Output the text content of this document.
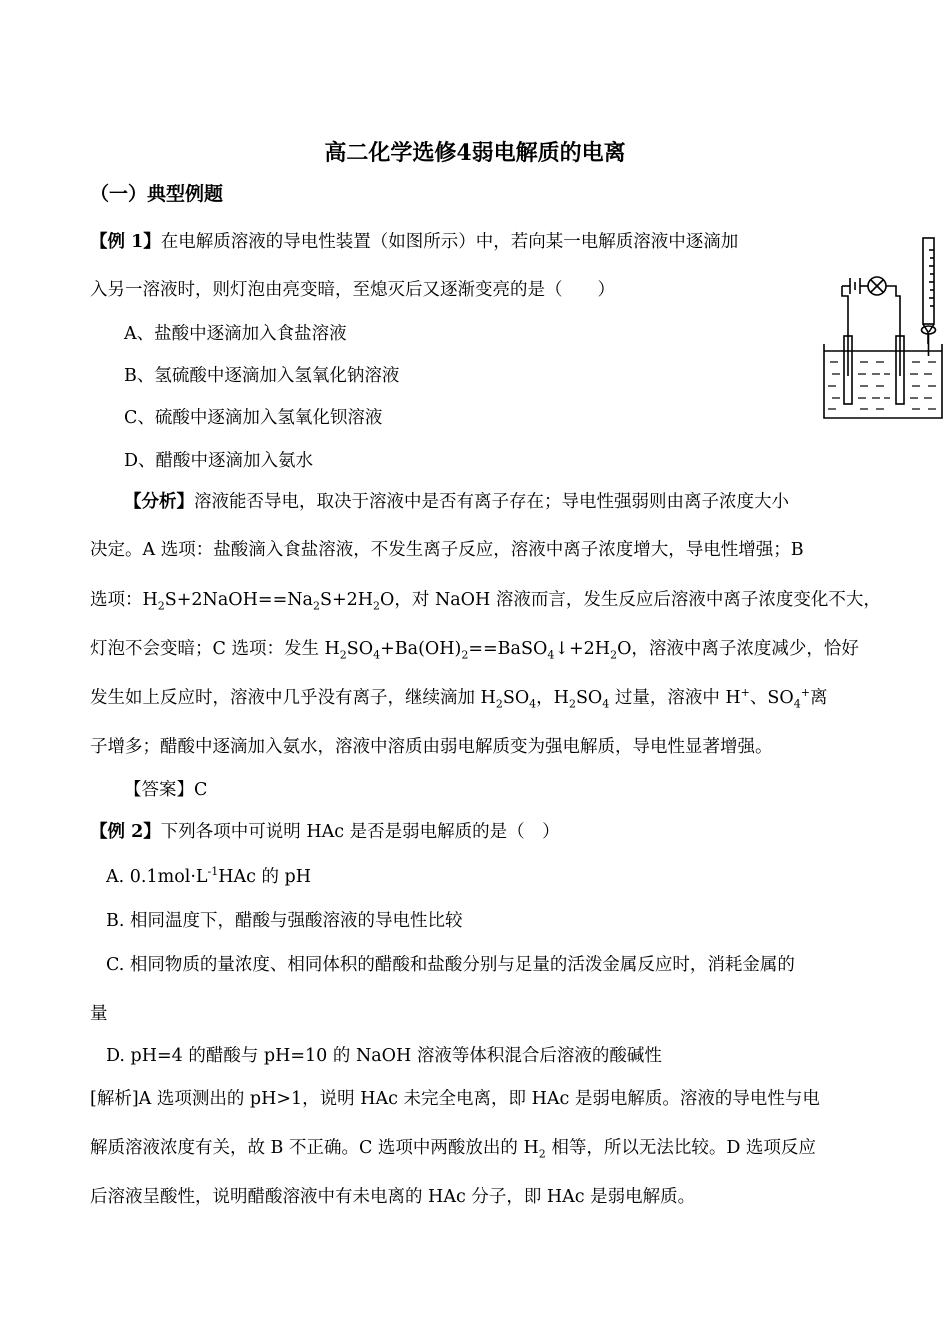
高二化学选修4弱电解质的电离
（一）典型例题
【例 1】在电解质溶液的导电性装置（如图所示）中，若向某一电解质溶液中逐滴加
入另一溶液时，则灯泡由亮变暗，至熄灭后又逐渐变亮的是（　　）
A、盐酸中逐滴加入食盐溶液
B、氢硫酸中逐滴加入氢氧化钠溶液
C、硫酸中逐滴加入氢氧化钡溶液
D、醋酸中逐滴加入氨水
【分析】溶液能否导电，取决于溶液中是否有离子存在；导电性强弱则由离子浓度大小
决定。A 选项：盐酸滴入食盐溶液，不发生离子反应，溶液中离子浓度增大，导电性增强；B
选项：$H_2S+2NaOH==Na_2S+2H_2O$，对 NaOH 溶液而言，发生反应后溶液中离子浓度变化不大，
灯泡不会变暗；C 选项：发生 $H_2SO_4+Ba(OH)_2==BaSO_4↓+2H_2O$，溶液中离子浓度减少，恰好
发生如上反应时，溶液中几乎没有离子，继续滴加 $H_2SO_4$，$H_2SO_4$ 过量，溶液中 H+、$SO_4^+$离
子增多；醋酸中逐滴加入氨水，溶液中溶质由弱电解质变为强电解质，导电性显著增强。
【答案】C
【例 2】下列各项中可说明 HAc 是否是弱电解质的是（　）
A. $0.1mol\cdot L^{-1}HAc$ 的 pH
B. 相同温度下，醋酸与强酸溶液的导电性比较
C. 相同物质的量浓度、相同体积的醋酸和盐酸分别与足量的活泼金属反应时，消耗金属的
量
D. pH=4 的醋酸与 pH=10 的 NaOH 溶液等体积混合后溶液的酸碱性
[解析]A 选项测出的 pH>1，说明 HAc 未完全电离，即 HAc 是弱电解质。溶液的导电性与电
解质溶液浓度有关，故 B 不正确。C 选项中两酸放出的 $H_2$ 相等，所以无法比较。D 选项反应
后溶液呈酸性，说明醋酸溶液中有未电离的 HAc 分子，即 HAc 是弱电解质。
